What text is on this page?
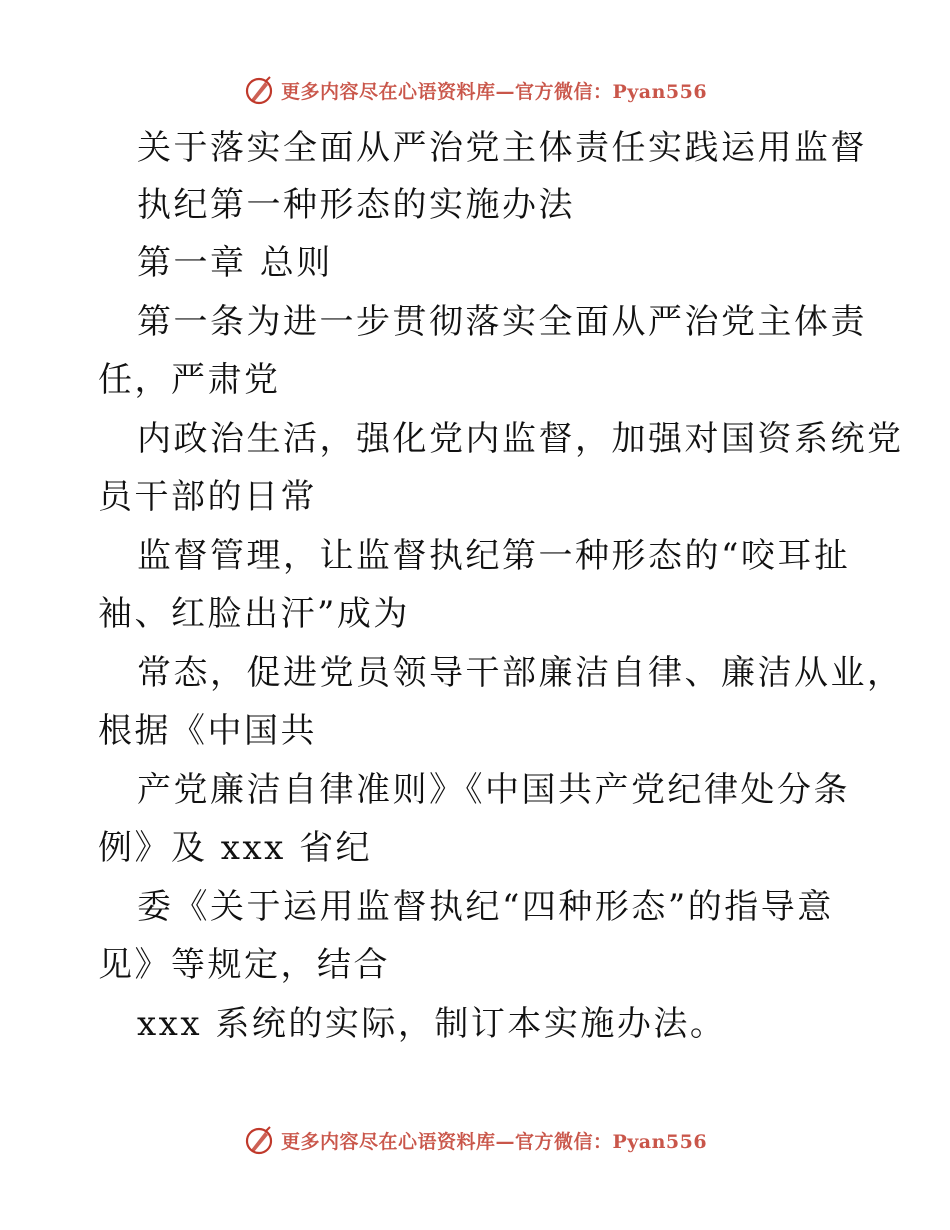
更多内容尽在心语资料库—官方微信：Pyan556
关于落实全面从严治党主体责任实践运用监督
执纪第一种形态的实施办法
第一章 总则
第一条为进一步贯彻落实全面从严治党主体责
任，严肃党
内政治生活，强化党内监督，加强对国资系统党
员干部的日常
监督管理，让监督执纪第一种形态的“咬耳扯
袖、红脸出汗”成为
常态，促进党员领导干部廉洁自律、廉洁从业，
根据《中国共
产党廉洁自律准则》《中国共产党纪律处分条
例》及 xxx 省纪
委《关于运用监督执纪“四种形态”的指导意
见》等规定，结合
xxx 系统的实际，制订本实施办法。
更多内容尽在心语资料库—官方微信：Pyan556
